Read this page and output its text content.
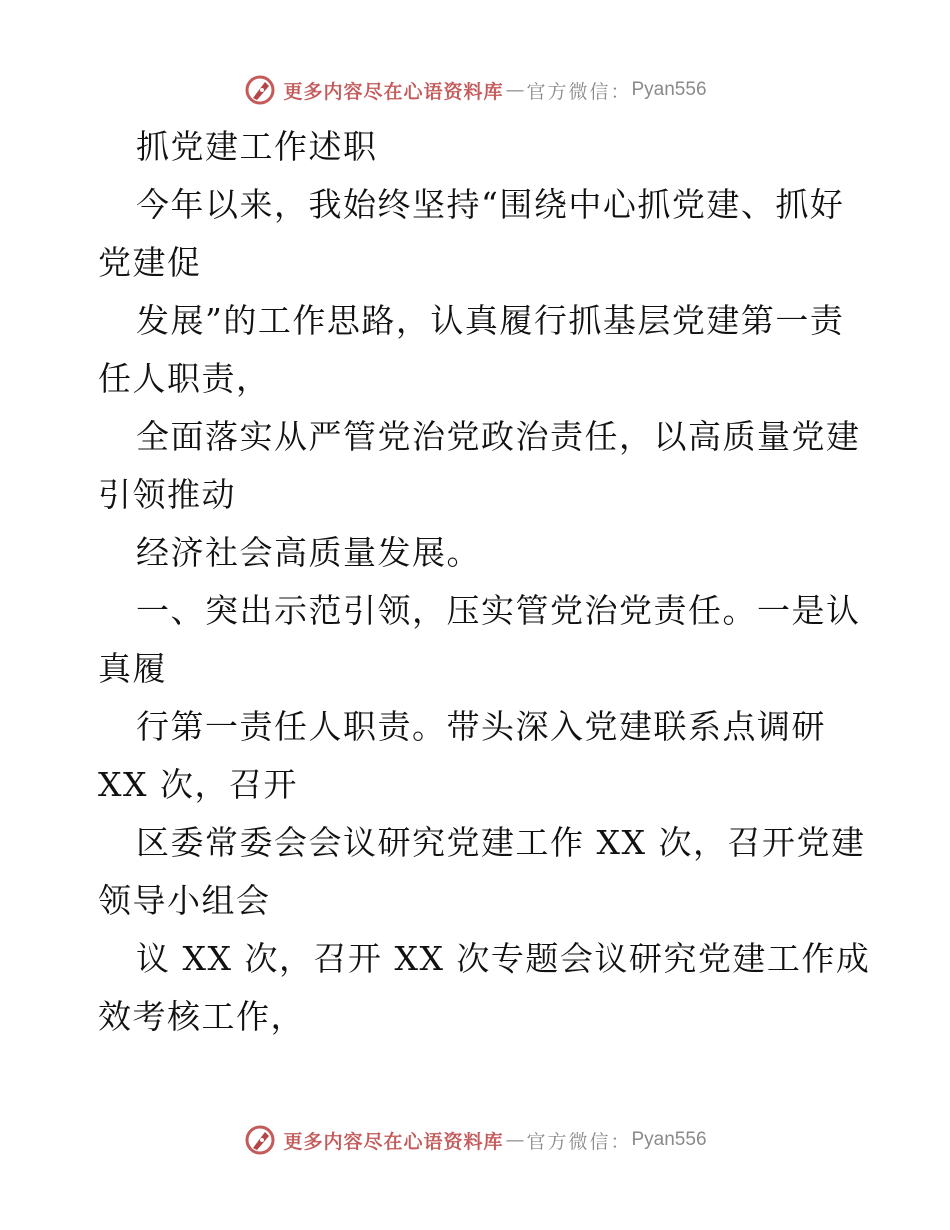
更多内容尽在心语资料库 — 官方微信： Pyan556

抓党建工作述职

今年以来，我始终坚持“围绕中心抓党建、抓好

党建促

发展”的工作思路，认真履行抓基层党建第一责

任人职责，

全面落实从严管党治党政治责任，以高质量党建

引领推动

经济社会高质量发展。

一、突出示范引领，压实管党治党责任。一是认

真履

行第一责任人职责。带头深入党建联系点调研

XX 次，召开

区委常委会会议研究党建工作 XX 次，召开党建

领导小组会

议 XX 次，召开 XX 次专题会议研究党建工作成

效考核工作，

更多内容尽在心语资料库 — 官方微信： Pyan556
